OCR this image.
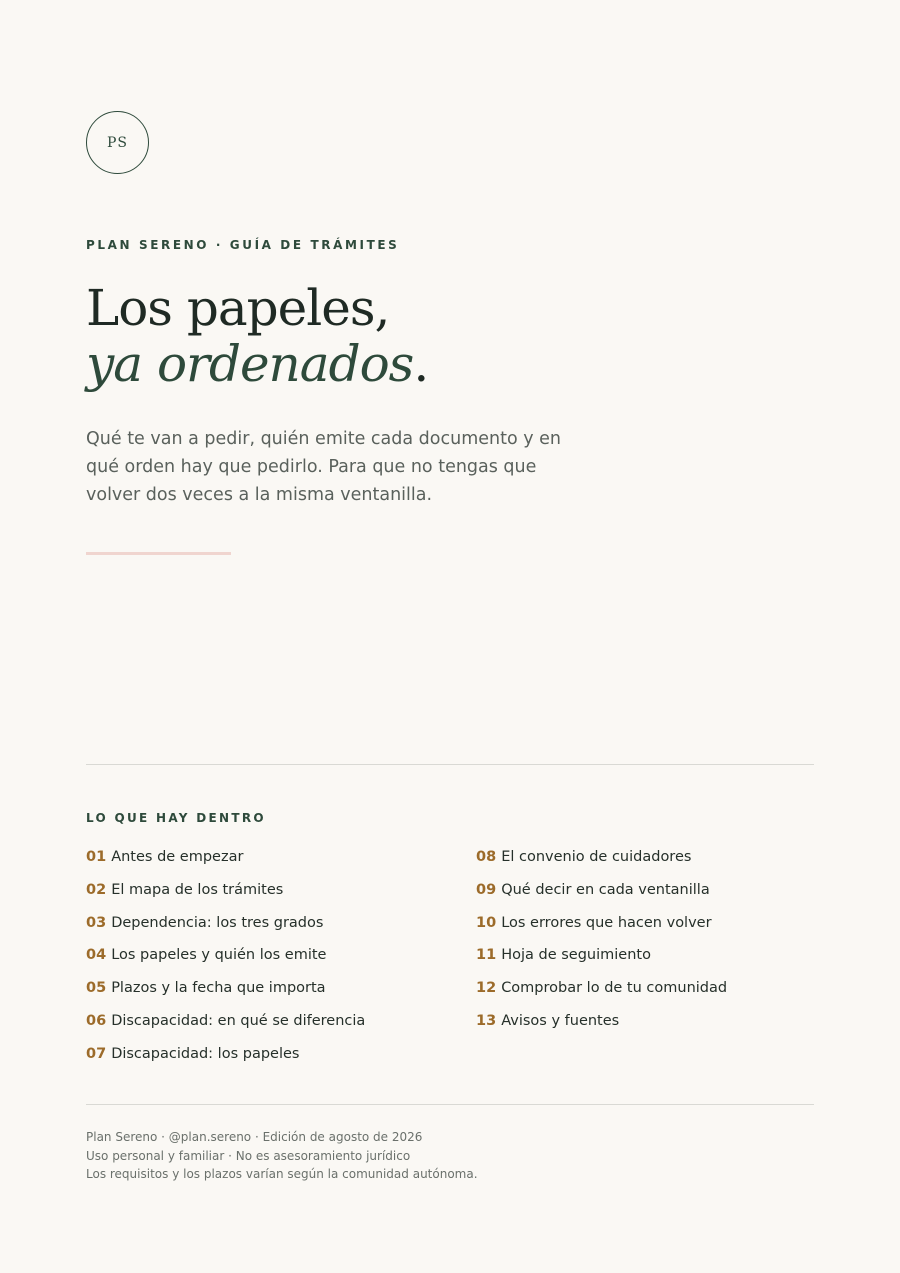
PS
PLAN SERENO · GUÍA DE TRÁMITES
Los papeles,
ya ordenados.

Qué te van a pedir, quién emite cada documento y en qué orden hay que pedirlo. Para que no tengas que volver dos veces a la misma ventanilla.

LO QUE HAY DENTRO
01 Antes de empezar
02 El mapa de los trámites
03 Dependencia: los tres grados
04 Los papeles y quién los emite
05 Plazos y la fecha que importa
06 Discapacidad: en qué se diferencia
07 Discapacidad: los papeles
08 El convenio de cuidadores
09 Qué decir en cada ventanilla
10 Los errores que hacen volver
11 Hoja de seguimiento
12 Comprobar lo de tu comunidad
13 Avisos y fuentes
Plan Sereno · @plan.sereno · Edición de agosto de 2026
Uso personal y familiar · No es asesoramiento jurídico
Los requisitos y los plazos varían según la comunidad autónoma.
